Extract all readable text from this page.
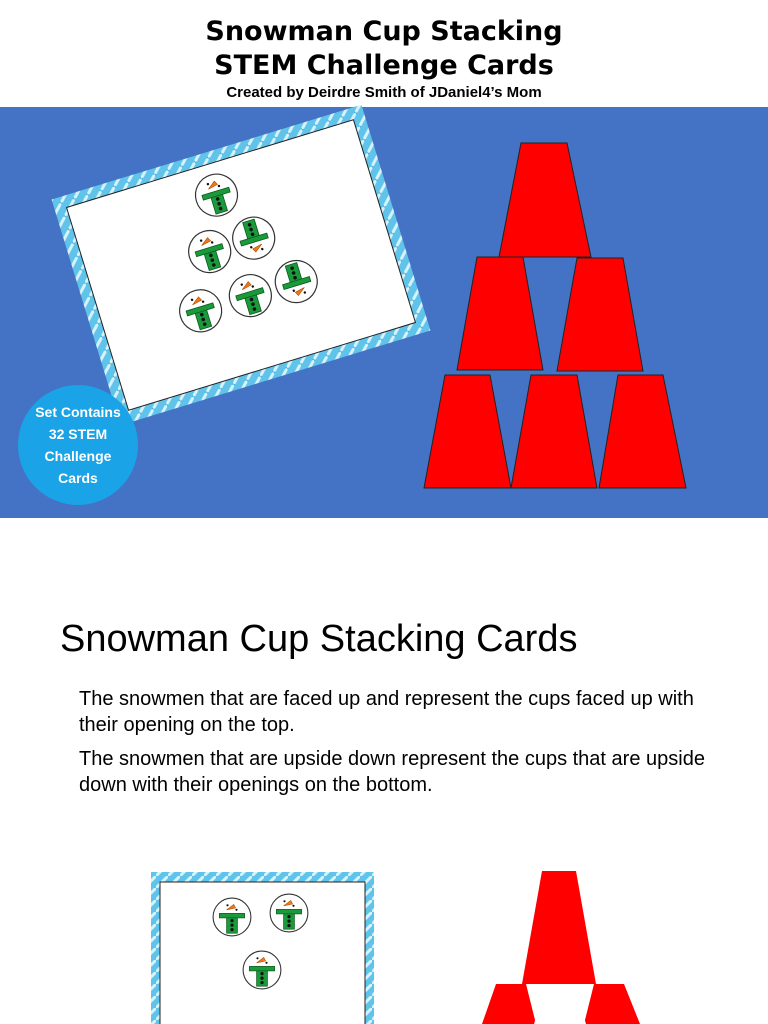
Snowman Cup Stacking
STEM Challenge Cards
Created by Deirdre Smith of JDaniel4’s Mom
Set Contains
32 STEM
Challenge
Cards
Snowman Cup Stacking Cards
The snowmen that are faced up and represent the cups faced up with their opening on the top.
The snowmen that are upside down represent the cups that are upside down with their openings on the bottom.
